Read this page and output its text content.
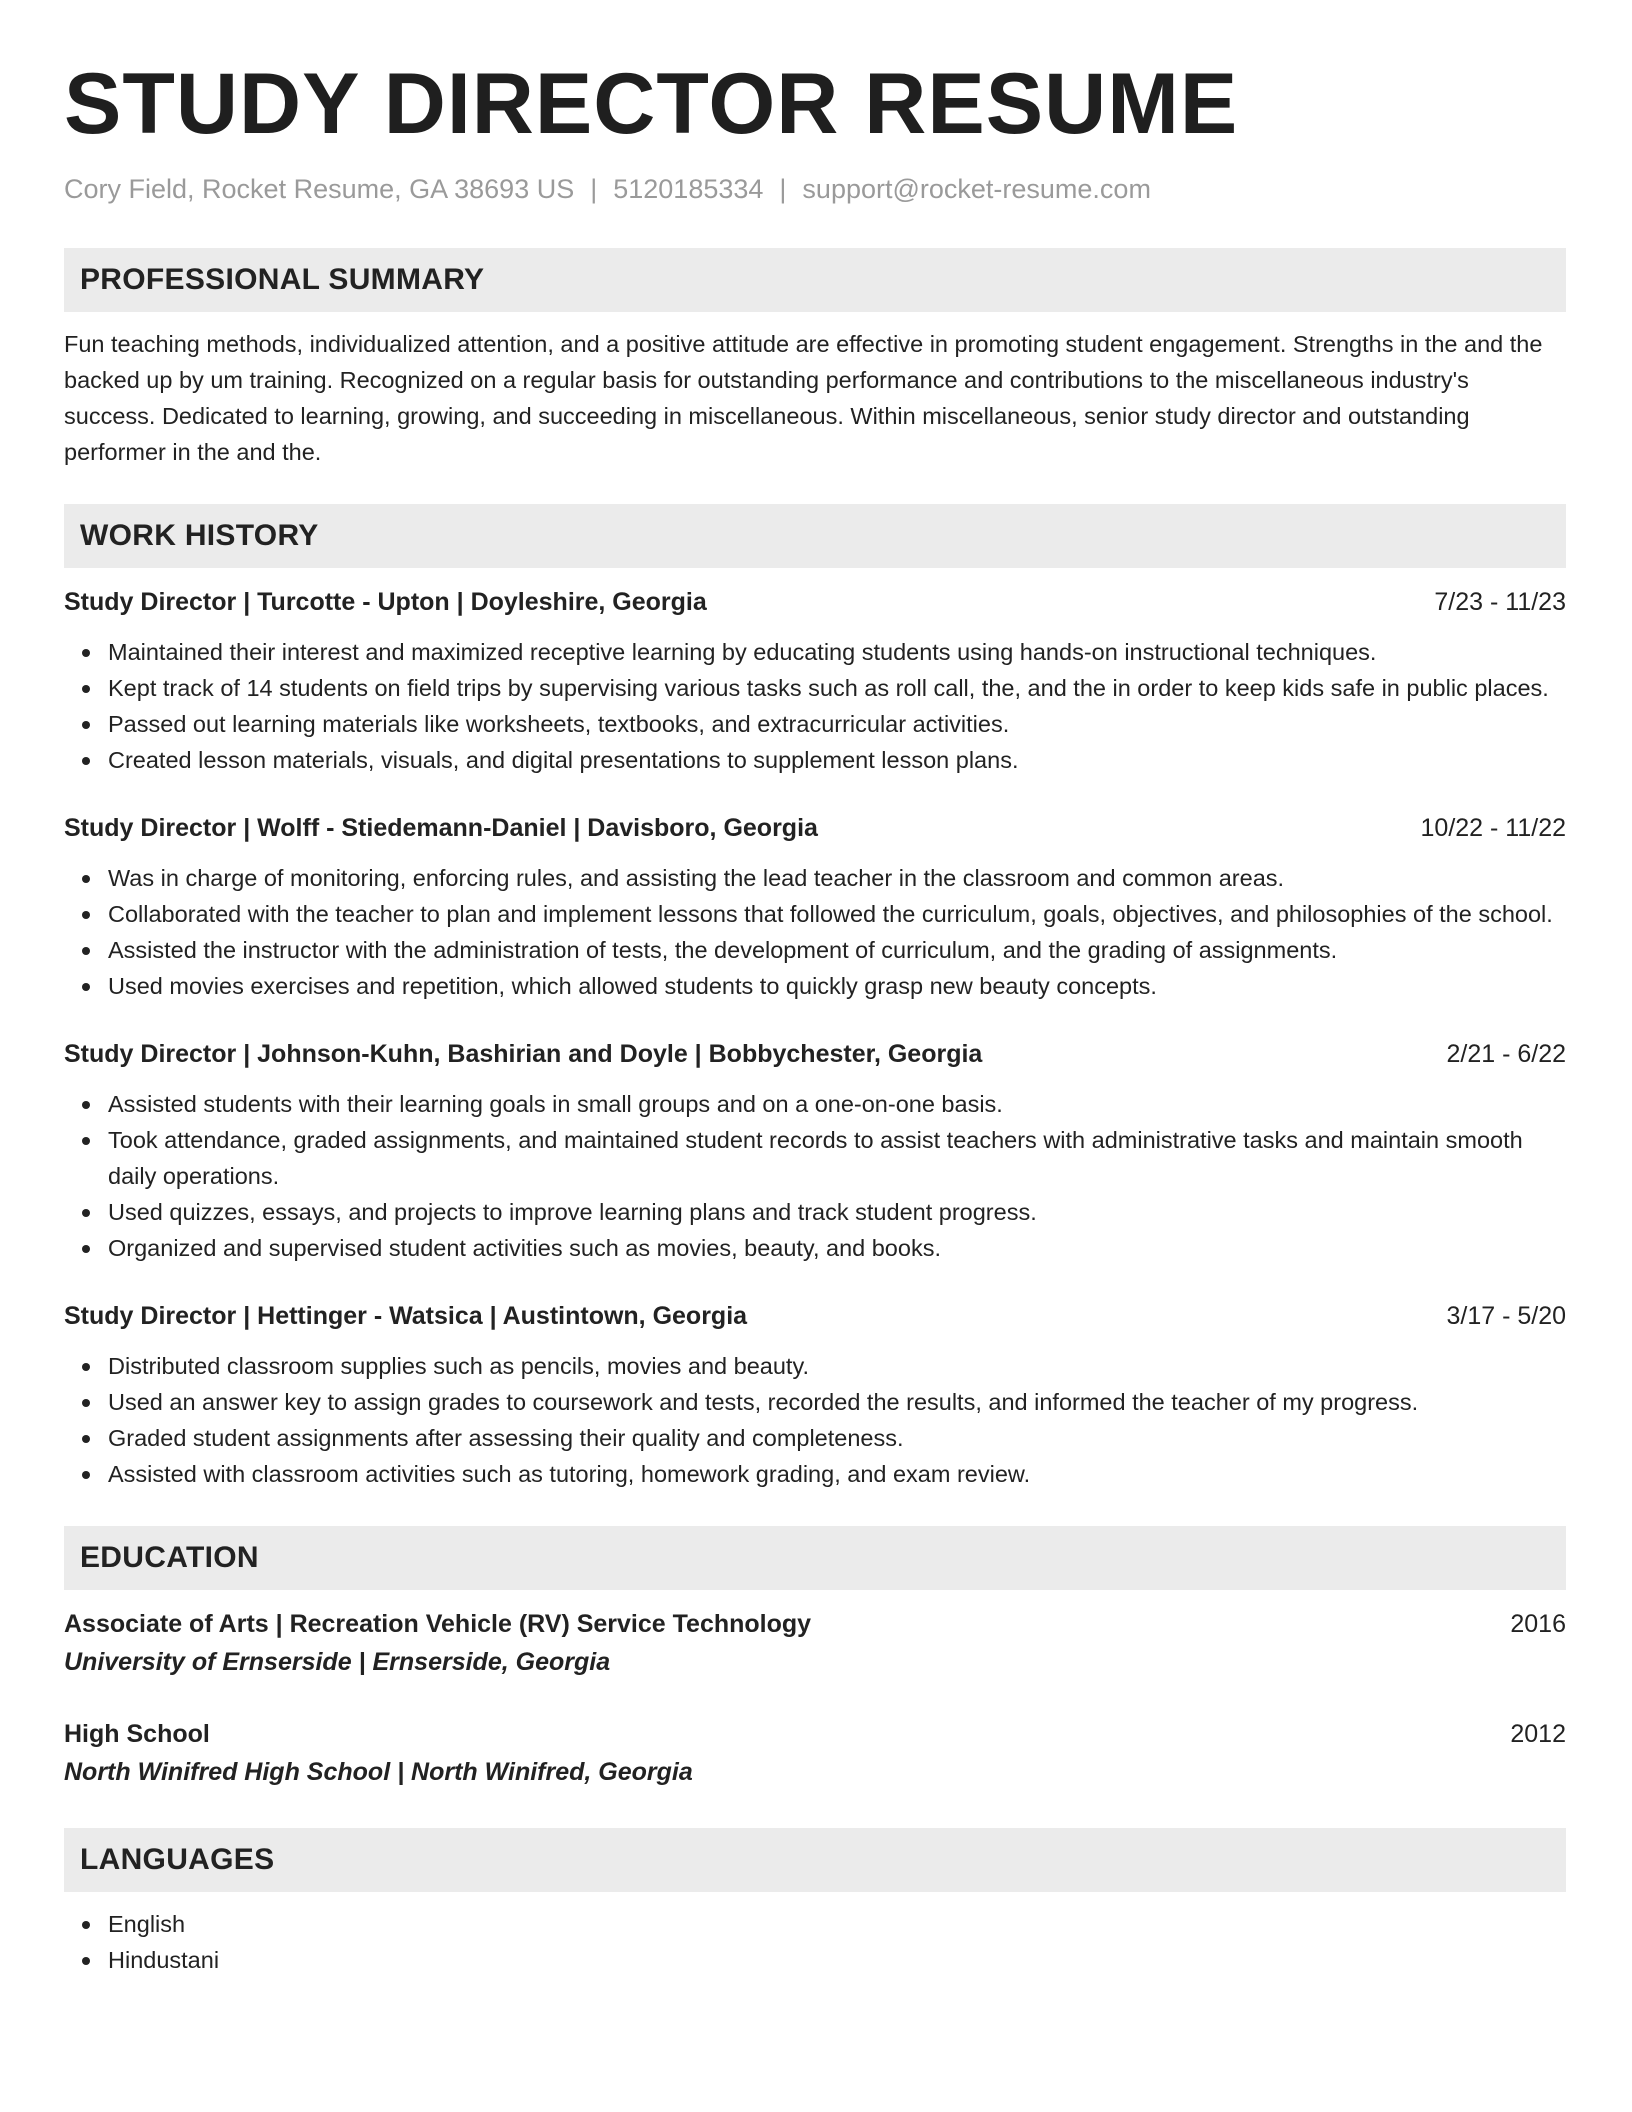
STUDY DIRECTOR RESUME
Cory Field, Rocket Resume, GA 38693 US | 5120185334 | support@rocket-resume.com
PROFESSIONAL SUMMARY

Fun teaching methods, individualized attention, and a positive attitude are effective in promoting student engagement. Strengths in the and the backed up by um training. Recognized on a regular basis for outstanding performance and contributions to the miscellaneous industry's success. Dedicated to learning, growing, and succeeding in miscellaneous. Within miscellaneous, senior study director and outstanding performer in the and the.

WORK HISTORY
Study Director | Turcotte - Upton | Doyleshire, Georgia	7/23 - 11/23
Maintained their interest and maximized receptive learning by educating students using hands-on instructional techniques.
Kept track of 14 students on field trips by supervising various tasks such as roll call, the, and the in order to keep kids safe in public places.
Passed out learning materials like worksheets, textbooks, and extracurricular activities.
Created lesson materials, visuals, and digital presentations to supplement lesson plans.
Study Director | Wolff - Stiedemann-Daniel | Davisboro, Georgia	10/22 - 11/22
Was in charge of monitoring, enforcing rules, and assisting the lead teacher in the classroom and common areas.
Collaborated with the teacher to plan and implement lessons that followed the curriculum, goals, objectives, and philosophies of the school.
Assisted the instructor with the administration of tests, the development of curriculum, and the grading of assignments.
Used movies exercises and repetition, which allowed students to quickly grasp new beauty concepts.
Study Director | Johnson-Kuhn, Bashirian and Doyle | Bobbychester, Georgia	2/21 - 6/22
Assisted students with their learning goals in small groups and on a one-on-one basis.
Took attendance, graded assignments, and maintained student records to assist teachers with administrative tasks and maintain smooth daily operations.
Used quizzes, essays, and projects to improve learning plans and track student progress.
Organized and supervised student activities such as movies, beauty, and books.
Study Director | Hettinger - Watsica | Austintown, Georgia	3/17 - 5/20
Distributed classroom supplies such as pencils, movies and beauty.
Used an answer key to assign grades to coursework and tests, recorded the results, and informed the teacher of my progress.
Graded student assignments after assessing their quality and completeness.
Assisted with classroom activities such as tutoring, homework grading, and exam review.
EDUCATION
Associate of Arts | Recreation Vehicle (RV) Service Technology	2016
University of Ernserside | Ernserside, Georgia
High School	2012
North Winifred High School | North Winifred, Georgia
LANGUAGES
English
Hindustani
